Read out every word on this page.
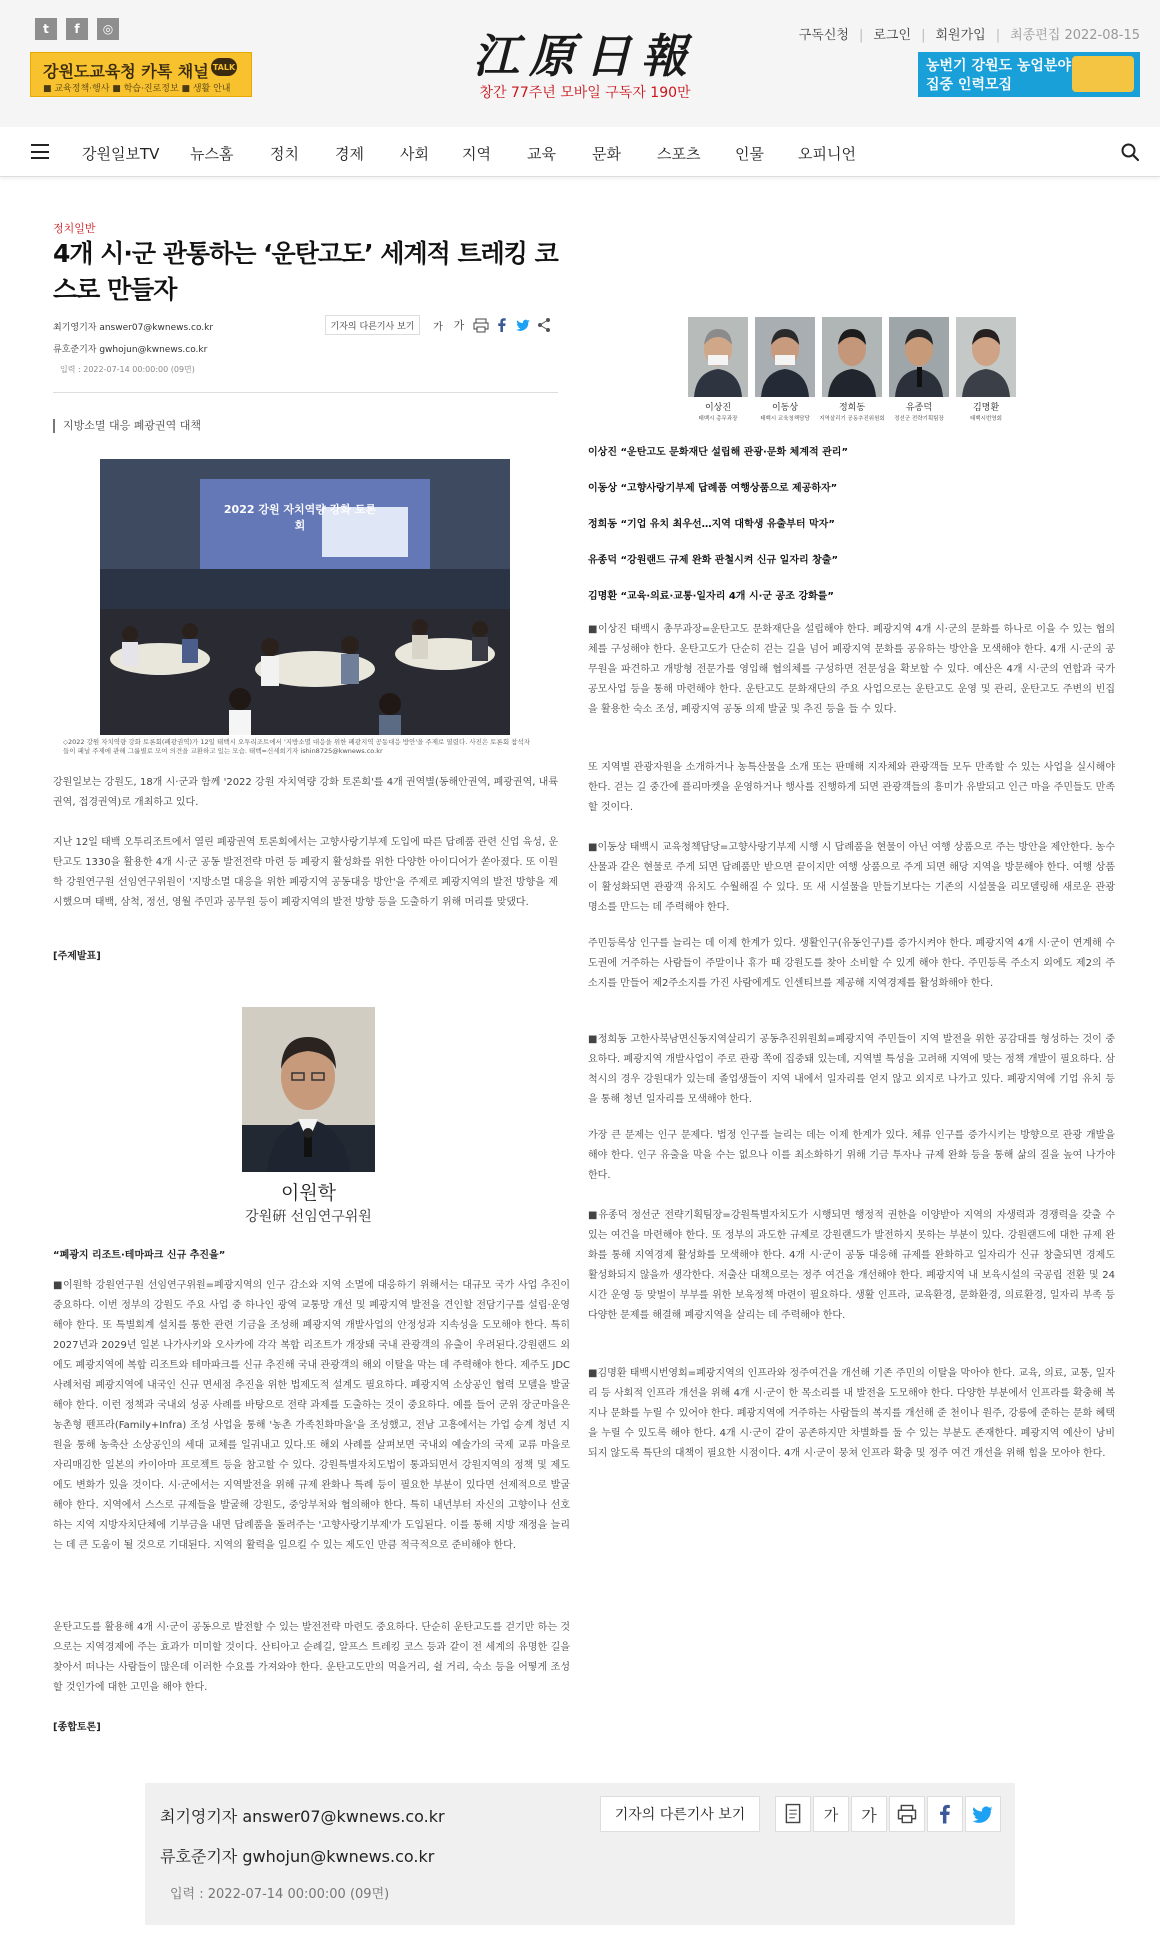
t	f	◎
강원도교육청 카톡 채널
■ 교육정책·행사 ■ 학습·진로정보 ■ 생활 안내
TALK	江原日報
창간 77주년 모바일 구독자 190만
구독신청 | 로그인 | 회원가입 | 최종편집 2022-08-15
농번기 강원도 농업분야
집중 인력모집
강원일보TV 뉴스홈 정치 경제 사회 지역 교육 문화 스포츠 인물 오피니언
정치일반
4개 시·군 관통하는 ‘운탄고도’ 세계적 트레킹 코스로 만들자
최기영기자 answer07@kwnews.co.kr
류호준기자 gwhojun@kwnews.co.kr
입력 : 2022-07-14 00:00:00 (09면)
기자의 다른기사 보기	가 가
지방소멸 대응 폐광권역 대책
2022 강원 자치역량 강화 토론회
◇2022 강원 자치역량 강화 토론회(폐광권역)가 12일 태백시 오투리조트에서 '지방소멸 대응을 위한 폐광지역 공동대응 방안'을 주제로 열렸다. 사진은 토론회 참석자들이 패널 주제에 관해 그룹별로 모여 의견을 교환하고 있는 모습. 태백=신세희기자 ishin8725@kwnews.co.kr
강원일보는 강원도, 18개 시·군과 함께 '2022 강원 자치역량 강화 토론회'를 4개 권역별(동해안권역, 폐광권역, 내륙권역, 접경권역)로 개최하고 있다.
지난 12일 태백 오투리조트에서 열린 폐광권역 토론회에서는 고향사랑기부제 도입에 따른 답례품 관련 신업 육성, 운탄고도 1330을 활용한 4개 시·군 공동 발전전략 마련 등 폐광지 활성화를 위한 다양한 아이디어가 쏟아졌다. 또 이원학 강원연구원 선임연구위원이 '지방소멸 대응을 위한 폐광지역 공동대응 방안'을 주제로 폐광지역의 발전 방향을 제시했으며 태백, 삼척, 정선, 영월 주민과 공무원 등이 폐광지역의 발전 방향 등을 도출하기 위해 머리를 맞댔다.
[주제발표]
이원학
강원硏 선임연구위원
“폐광지 리조트·테마파크 신규 추진을”
■이원학 강원연구원 선임연구위원=폐광지역의 인구 감소와 지역 소멸에 대응하기 위해서는 대규모 국가 사업 추진이 중요하다. 이번 정부의 강원도 주요 사업 중 하나인 광역 교통망 개선 및 폐광지역 발전을 견인할 전담기구를 설립·운영해야 한다. 또 특별회계 설치를 통한 관련 기금을 조성해 폐광지역 개발사업의 안정성과 지속성을 도모해야 한다. 특히 2027년과 2029년 일본 나가사키와 오사카에 각각 복합 리조트가 개장돼 국내 관광객의 유출이 우려된다.강원랜드 외에도 폐광지역에 복합 리조트와 테마파크를 신규 추진해 국내 관광객의 해외 이탈을 막는 데 주력해야 한다. 제주도 JDC 사례처럼 폐광지역에 내국인 신규 면세점 추진을 위한 법제도적 설계도 필요하다. 폐광지역 소상공인 협력 모델을 발굴해야 한다. 이런 정책과 국내외 성공 사례를 바탕으로 전략 과제를 도출하는 것이 중요하다. 예를 들어 군위 장군마을은 농촌형 펜프라(Family+Infra) 조성 사업을 통해 '농촌 가족친화마을'을 조성했고, 전남 고흥에서는 가업 승계 청년 지원을 통해 농축산 소상공인의 세대 교체를 일궈내고 있다.또 해외 사례를 살펴보면 국내외 예술가의 국제 교류 마을로 자리매김한 일본의 카이아마 프로젝트 등을 참고할 수 있다. 강원특별자치도법이 통과되면서 강원지역의 정책 및 제도에도 변화가 있을 것이다. 시·군에서는 지역발전을 위해 규제 완화나 특례 등이 필요한 부분이 있다면 선제적으로 발굴해야 한다. 지역에서 스스로 규제들을 발굴해 강원도, 중앙부처와 협의해야 한다. 특히 내년부터 자신의 고향이나 선호하는 지역 지방자치단체에 기부금을 내면 답례품을 돌려주는 '고향사랑기부제'가 도입된다. 이를 통해 지방 재정을 늘리는 데 큰 도움이 될 것으로 기대된다. 지역의 활력을 일으킬 수 있는 제도인 만큼 적극적으로 준비해야 한다.
운탄고도를 활용해 4개 시·군이 공동으로 발전할 수 있는 발전전략 마련도 중요하다. 단순히 운탄고도를 걷기만 하는 것으로는 지역경제에 주는 효과가 미미할 것이다. 산티아고 순례길, 알프스 트레킹 코스 등과 같이 전 세계의 유명한 길을 찾아서 떠나는 사람들이 많은데 이러한 수요를 가져와야 한다. 운탄고도만의 먹을거리, 쉴 거리, 숙소 등을 어떻게 조성할 것인가에 대한 고민을 해야 한다.
[종합토론]
이상진	이동상	정희동	유종덕	김명환
태백시 총무과장	태백시 교육청책담당	지역살리기 공동추진위원회	정선군 전략기획팀장	태백시번영회
이상진 “운탄고도 문화재단 설립해 관광·문화 체계적 관리”
이동상 “고향사랑기부제 답례품 여행상품으로 제공하자”
정희동 “기업 유치 최우선…지역 대학생 유출부터 막자”
유종덕 “강원랜드 규제 완화 관철시켜 신규 일자리 창출”
김명환 “교육·의료·교통·일자리 4개 시·군 공조 강화를”
■이상진 태백시 총무과장=운탄고도 문화재단을 설립해야 한다. 폐광지역 4개 시·군의 문화를 하나로 이을 수 있는 협의체를 구성해야 한다. 운탄고도가 단순히 걷는 길을 넘어 폐광지역 문화를 공유하는 방안을 모색해야 한다. 4개 시·군의 공무원을 파견하고 개방형 전문가를 영입해 협의체를 구성하면 전문성을 확보할 수 있다. 예산은 4개 시·군의 연합과 국가 공모사업 등을 통해 마련해야 한다. 운탄고도 문화재단의 주요 사업으로는 운탄고도 운영 및 관리, 운탄고도 주변의 빈집을 활용한 숙소 조성, 폐광지역 공동 의제 발굴 및 추진 등을 들 수 있다.
또 지역별 관광자원을 소개하거나 농특산물을 소개 또는 판매해 지자체와 관광객들 모두 만족할 수 있는 사업을 실시해야 한다. 걷는 길 중간에 플리마켓을 운영하거나 행사를 진행하게 되면 관광객들의 흥미가 유발되고 인근 마을 주민들도 만족할 것이다.
■이동상 태백시 교육청책담당=고향사랑기부제 시행 시 답례품을 현물이 아닌 여행 상품으로 주는 방안을 제안한다. 농수산물과 같은 현물로 주게 되면 답례품만 받으면 끝이지만 여행 상품으로 주게 되면 해당 지역을 방문해야 한다. 여행 상품이 활성화되면 관광객 유치도 수월해질 수 있다. 또 새 시설물을 만들기보다는 기존의 시설물을 리모델링해 새로운 관광 명소를 만드는 데 주력해야 한다.
주민등록상 인구를 늘리는 데 이제 한계가 있다. 생활인구(유동인구)를 증가시켜야 한다. 폐광지역 4개 시·군이 연계해 수도권에 거주하는 사람들이 주말이나 휴가 때 강원도를 찾아 소비할 수 있게 해야 한다. 주민등록 주소지 외에도 제2의 주소지를 만들어 제2주소지를 가진 사람에게도 인센티브를 제공해 지역경제를 활성화해야 한다.
■정희동 고한사북남면신동지역살리기 공동추진위원회=폐광지역 주민들이 지역 발전을 위한 공감대를 형성하는 것이 중요하다. 폐광지역 개발사업이 주로 관광 쪽에 집중돼 있는데, 지역별 특성을 고려해 지역에 맞는 정책 개발이 필요하다. 삼척시의 경우 강원대가 있는데 졸업생들이 지역 내에서 일자리를 얻지 않고 외지로 나가고 있다. 폐광지역에 기업 유치 등을 통해 청년 일자리를 모색해야 한다.
가장 큰 문제는 인구 문제다. 법정 인구를 늘리는 데는 이제 한계가 있다. 체류 인구를 증가시키는 방향으로 관광 개발을 해야 한다. 인구 유출을 막을 수는 없으나 이를 최소화하기 위해 기금 투자나 규제 완화 등을 통해 삶의 질을 높여 나가야 한다.
■유종덕 정선군 전략기획팀장=강원특별자치도가 시행되면 행정적 권한을 이양받아 지역의 자생력과 경쟁력을 갖출 수 있는 여건을 마련해야 한다. 또 정부의 과도한 규제로 강원랜드가 발전하지 못하는 부분이 있다. 강원랜드에 대한 규제 완화를 통해 지역경제 활성화를 모색해야 한다. 4개 시·군이 공동 대응해 규제를 완화하고 일자리가 신규 창출되면 경제도 활성화되지 않을까 생각한다. 저출산 대책으로는 정주 여건을 개선해야 한다. 폐광지역 내 보육시설의 국공립 전환 및 24시간 운영 등 맞벌이 부부를 위한 보육정책 마련이 필요하다. 생활 인프라, 교육환경, 문화환경, 의료환경, 일자리 부족 등 다양한 문제를 해결해 폐광지역을 살리는 데 주력해야 한다.
■김명환 태백시번영회=폐광지역의 인프라와 정주여건을 개선해 기존 주민의 이탈을 막아야 한다. 교육, 의료, 교통, 일자리 등 사회적 인프라 개선을 위해 4개 시·군이 한 목소리를 내 발전을 도모해야 한다. 다양한 부분에서 인프라를 확충해 복지나 문화를 누릴 수 있어야 한다. 폐광지역에 거주하는 사람들의 복지를 개선해 준 천이나 원주, 강릉에 준하는 문화 혜택을 누릴 수 있도록 해야 한다. 4개 시·군이 같이 공존하지만 차별화를 둘 수 있는 부분도 존재한다. 폐광지역 예산이 낭비되지 않도록 특단의 대책이 필요한 시점이다. 4개 시·군이 뭉쳐 인프라 확충 및 정주 여건 개선을 위해 힘을 모아야 한다.
최기영기자 answer07@kwnews.co.kr
류호준기자 gwhojun@kwnews.co.kr
입력 : 2022-07-14 00:00:00 (09면)
기자의 다른기사 보기	가	가
